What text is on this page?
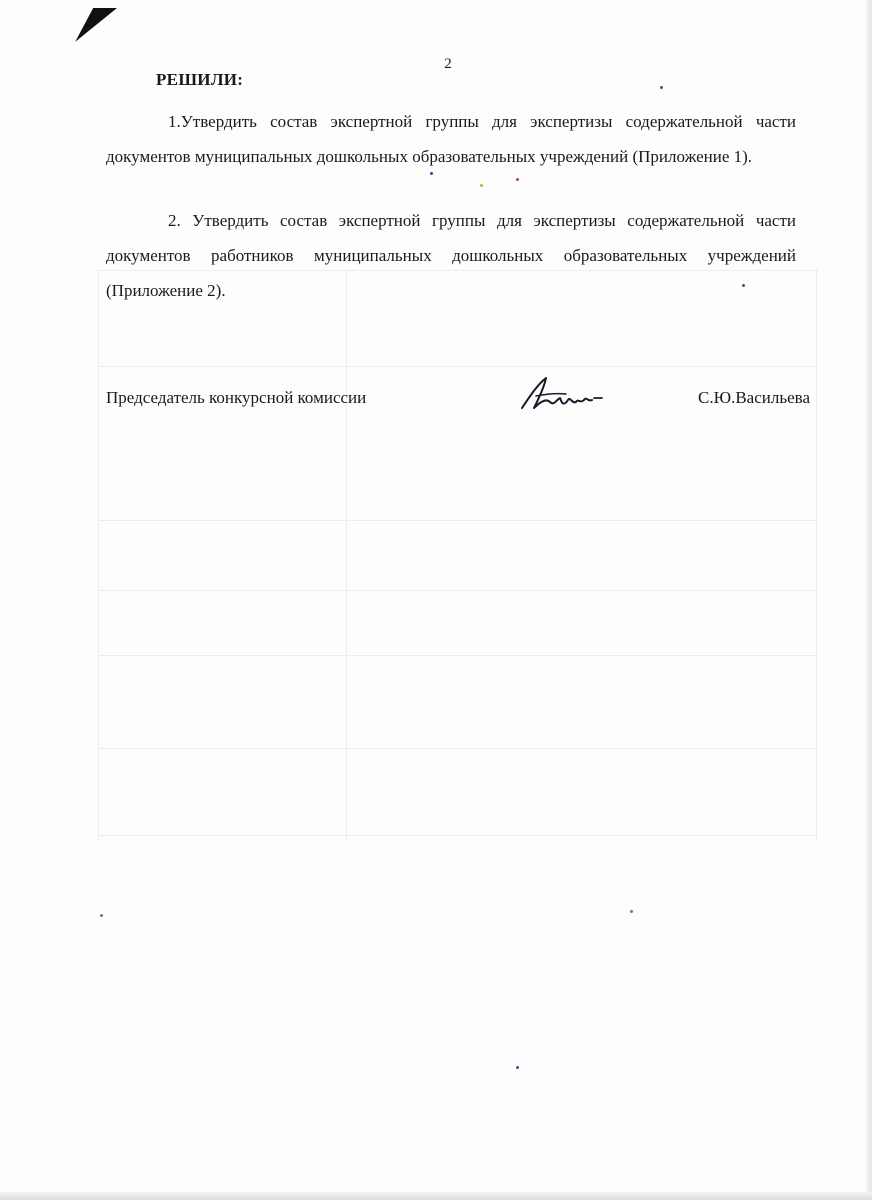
2
РЕШИЛИ:
1.Утвердить состав экспертной группы для экспертизы содержательной части документов муниципальных дошкольных образовательных учреждений (Приложение 1).
2. Утвердить состав экспертной группы для экспертизы содержательной части документов работников муниципальных дошкольных образовательных учреждений (Приложение 2).
Председатель конкурсной комиссии	С.Ю.Васильева
